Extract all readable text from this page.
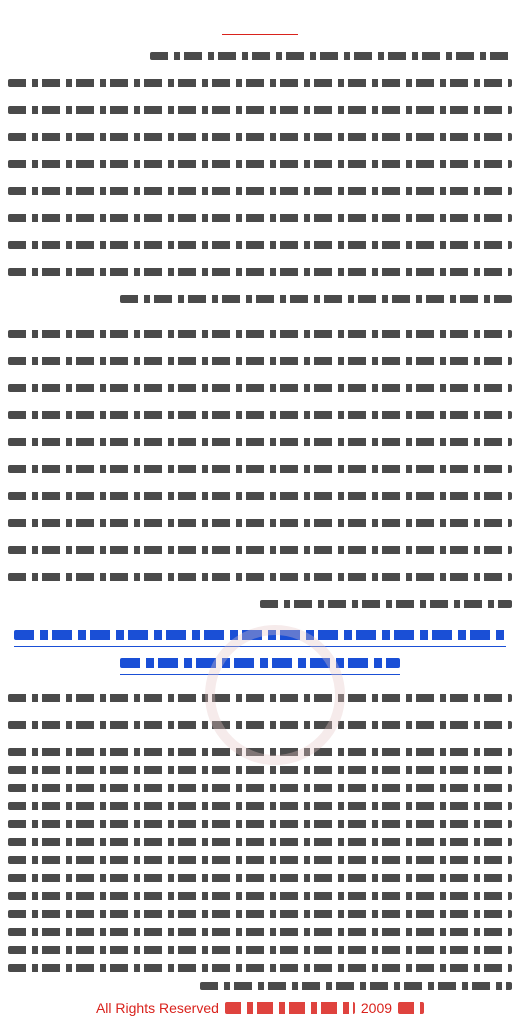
All Rights Reserved	2009
